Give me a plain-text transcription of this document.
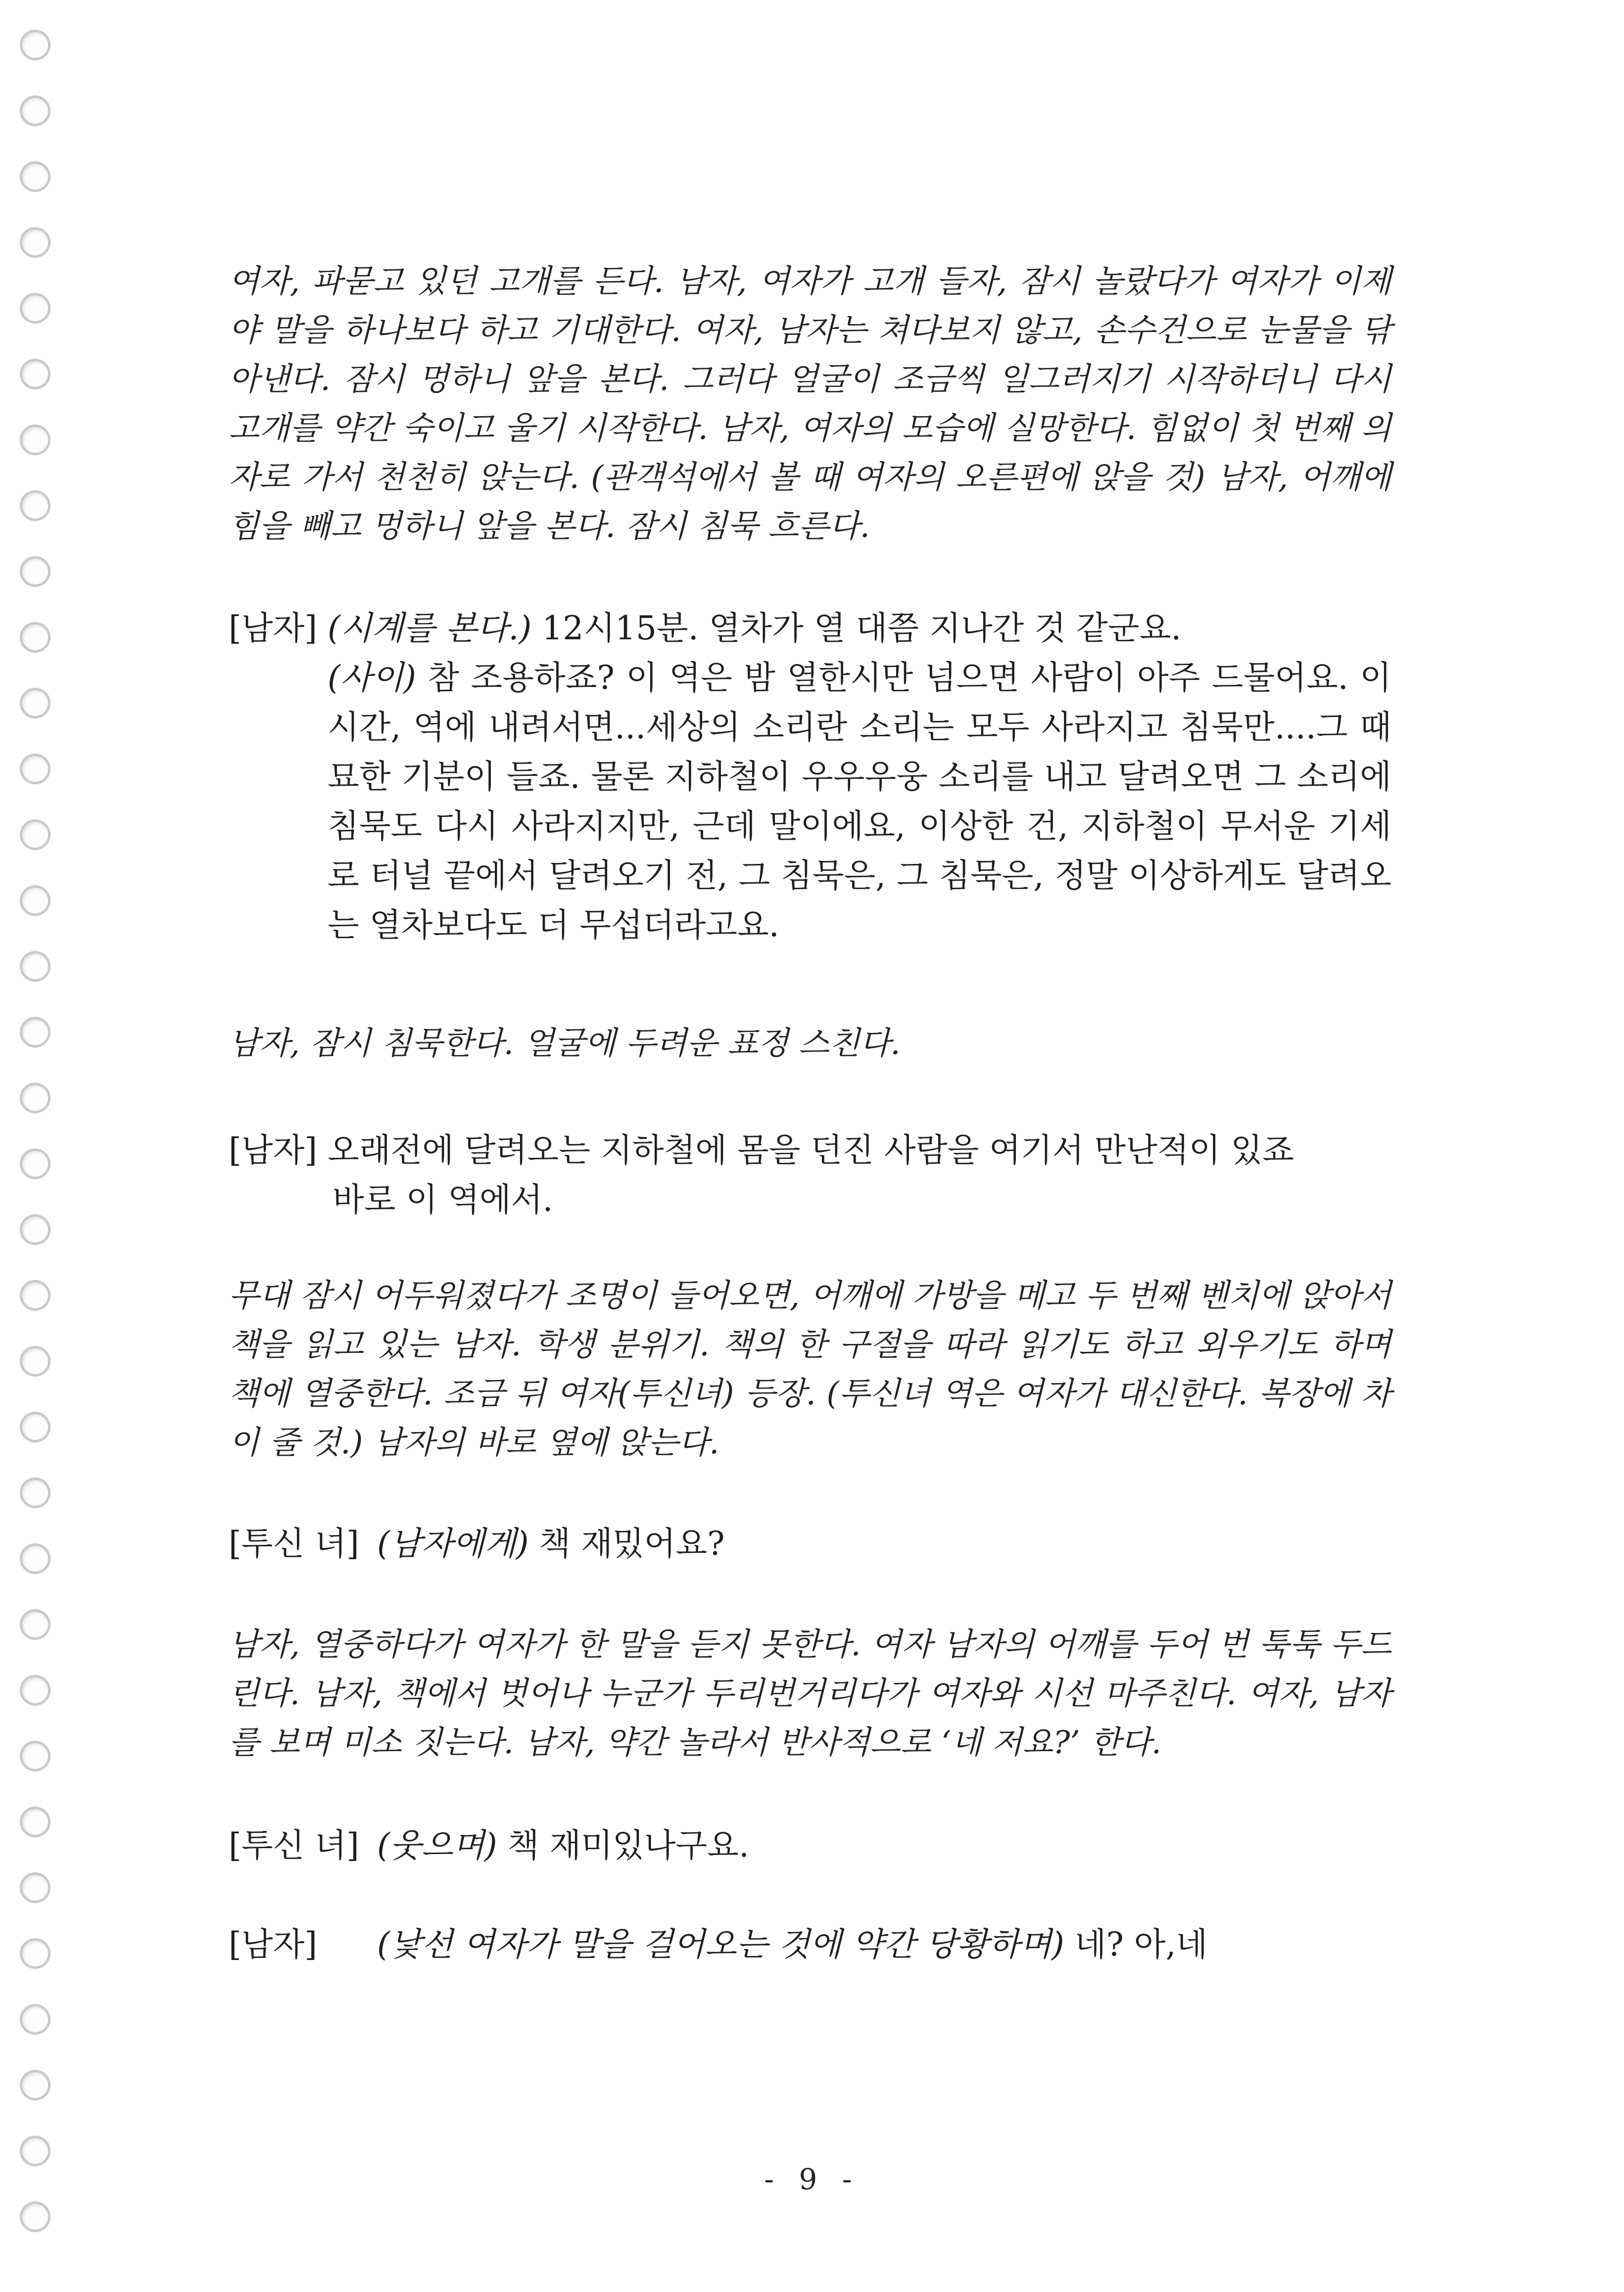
여자, 파묻고 있던 고개를 든다. 남자, 여자가 고개 들자, 잠시 놀랐다가 여자가 이제야 말을 하나보다 하고 기대한다. 여자, 남자는 쳐다보지 않고, 손수건으로 눈물을 닦아낸다. 잠시 멍하니 앞을 본다. 그러다 얼굴이 조금씩 일그러지기 시작하더니 다시 고개를 약간 숙이고 울기 시작한다. 남자, 여자의 모습에 실망한다. 힘없이 첫 번째 의자로 가서 천천히 앉는다. (관객석에서 볼 때 여자의 오른편에 앉을 것) 남자, 어깨에 힘을 빼고 멍하니 앞을 본다. 잠시 침묵 흐른다.

[남자] (시계를 본다.) 12시15분. 열차가 열 대쯤 지나간 것 같군요.

(사이) 참 조용하죠? 이 역은 밤 열한시만 넘으면 사람이 아주 드물어요. 이 시간, 역에 내려서면...세상의 소리란 소리는 모두 사라지고 침묵만....그 때 묘한 기분이 들죠. 물론 지하철이 우우우웅 소리를 내고 달려오면 그 소리에 침묵도 다시 사라지지만, 근데 말이에요, 이상한 건, 지하철이 무서운 기세로 터널 끝에서 달려오기 전, 그 침묵은, 그 침묵은, 정말 이상하게도 달려오는 열차보다도 더 무섭더라고요.

남자, 잠시 침묵한다. 얼굴에 두려운 표정 스친다.

[남자] 오래전에 달려오는 지하철에 몸을 던진 사람을 여기서 만난적이 있죠
바로 이 역에서.

무대 잠시 어두워졌다가 조명이 들어오면, 어깨에 가방을 메고 두 번째 벤치에 앉아서 책을 읽고 있는 남자. 학생 분위기. 책의 한 구절을 따라 읽기도 하고 외우기도 하며 책에 열중한다. 조금 뒤 여자(투신녀) 등장. (투신녀 역은 여자가 대신한다. 복장에 차이 줄 것.) 남자의 바로 옆에 앉는다.

[투신 녀] (남자에게) 책 재밌어요?

남자, 열중하다가 여자가 한 말을 듣지 못한다. 여자 남자의 어깨를 두어 번 툭툭 두드린다. 남자, 책에서 벗어나 누군가 두리번거리다가 여자와 시선 마주친다. 여자, 남자를 보며 미소 짓는다. 남자, 약간 놀라서 반사적으로 ‘네 저요?’ 한다.

[투신 녀] (웃으며) 책 재미있나구요.
[남자] (낯선 여자가 말을 걸어오는 것에 약간 당황하며) 네? 아,네
- 9 -
